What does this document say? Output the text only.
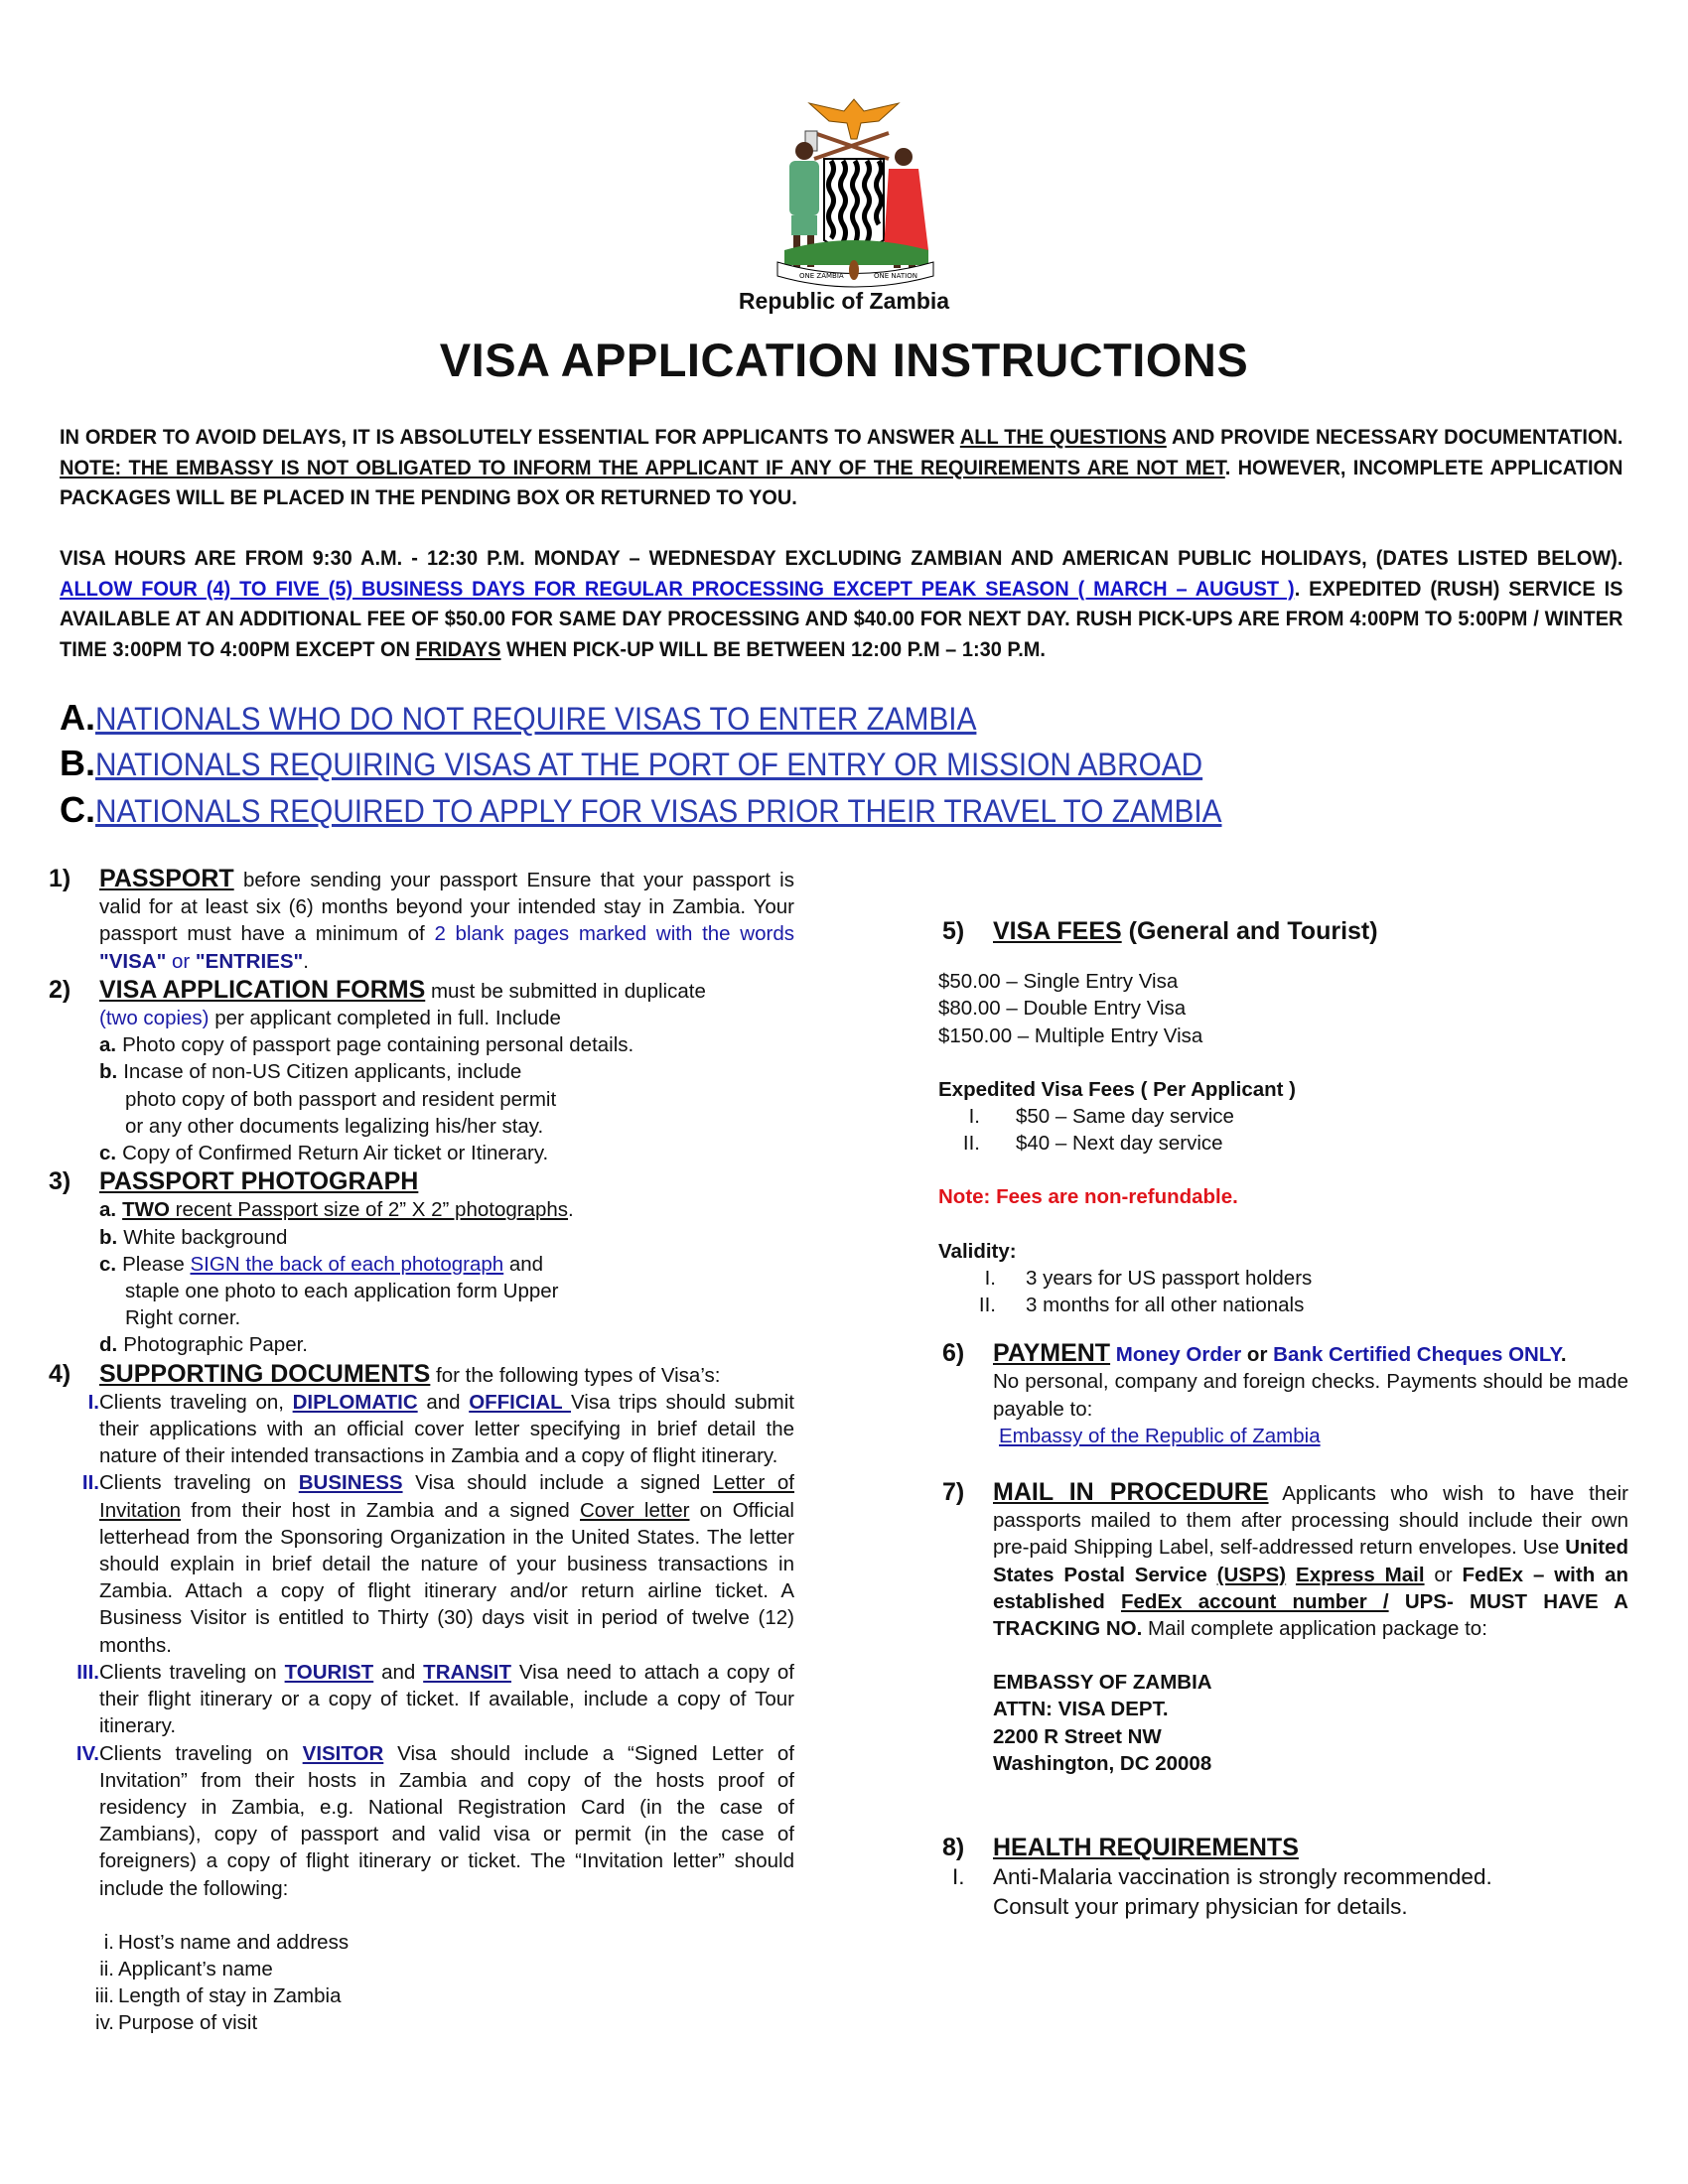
ONE ZAMBIA	ONE NATION
Republic of Zambia
VISA APPLICATION INSTRUCTIONS
IN ORDER TO AVOID DELAYS, IT IS ABSOLUTELY ESSENTIAL FOR APPLICANTS TO ANSWER ALL THE QUESTIONS AND PROVIDE NECESSARY DOCUMENTATION. NOTE: THE EMBASSY IS NOT OBLIGATED TO INFORM THE APPLICANT IF ANY OF THE REQUIREMENTS ARE NOT MET. HOWEVER, INCOMPLETE APPLICATION PACKAGES WILL BE PLACED IN THE PENDING BOX OR RETURNED TO YOU.
VISA HOURS ARE FROM 9:30 A.M. - 12:30 P.M. MONDAY – WEDNESDAY EXCLUDING ZAMBIAN AND AMERICAN PUBLIC HOLIDAYS, (DATES LISTED BELOW). ALLOW FOUR (4) TO FIVE (5) BUSINESS DAYS FOR REGULAR PROCESSING EXCEPT PEAK SEASON ( MARCH – AUGUST ). EXPEDITED (RUSH) SERVICE IS AVAILABLE AT AN ADDITIONAL FEE OF $50.00 FOR SAME DAY PROCESSING AND $40.00 FOR NEXT DAY. RUSH PICK-UPS ARE FROM 4:00PM TO 5:00PM / WINTER TIME 3:00PM TO 4:00PM EXCEPT ON FRIDAYS WHEN PICK-UP WILL BE BETWEEN 12:00 P.M – 1:30 P.M.
A.NATIONALS WHO DO NOT REQUIRE VISAS TO ENTER ZAMBIA
B.NATIONALS REQUIRING VISAS AT THE PORT OF ENTRY OR MISSION ABROAD
C.NATIONALS REQUIRED TO APPLY FOR VISAS PRIOR THEIR TRAVEL TO ZAMBIA
1) PASSPORT before sending your passport Ensure that your passport is valid for at least six (6) months beyond your intended stay in Zambia. Your passport must have a minimum of 2 blank pages marked with the words "VISA" or "ENTRIES".
2) VISA APPLICATION FORMS must be submitted in duplicate
(two copies) per applicant completed in full. Include
a. Photo copy of passport page containing personal details.
b. Incase of non-US Citizen applicants, include
photo copy of both passport and resident permit
or any other documents legalizing his/her stay.
c. Copy of Confirmed Return Air ticket or Itinerary.
3) PASSPORT PHOTOGRAPH
a. TWO recent Passport size of 2” X 2” photographs.
b. White background
c. Please SIGN the back of each photograph and
staple one photo to each application form Upper
Right corner.
d. Photographic Paper.
4) SUPPORTING DOCUMENTS for the following types of Visa’s:
I. Clients traveling on, DIPLOMATIC and OFFICIAL Visa trips should submit their applications with an official cover letter specifying in brief detail the nature of their intended transactions in Zambia and a copy of flight itinerary.
II. Clients traveling on BUSINESS Visa should include a signed Letter of Invitation from their host in Zambia and a signed Cover letter on Official letterhead from the Sponsoring Organization in the United States. The letter should explain in brief detail the nature of your business transactions in Zambia. Attach a copy of flight itinerary and/or return airline ticket. A Business Visitor is entitled to Thirty (30) days visit in period of twelve (12) months.
III. Clients traveling on TOURIST and TRANSIT Visa need to attach a copy of their flight itinerary or a copy of ticket. If available, include a copy of Tour itinerary.
IV. Clients traveling on VISITOR Visa should include a “Signed Letter of Invitation” from their hosts in Zambia and copy of the hosts proof of residency in Zambia, e.g. National Registration Card (in the case of Zambians), copy of passport and valid visa or permit (in the case of foreigners) a copy of flight itinerary or ticket. The “Invitation letter” should include the following:
i. Host’s name and address
ii. Applicant’s name
iii. Length of stay in Zambia
iv. Purpose of visit
5) VISA FEES (General and Tourist)
$50.00 – Single Entry Visa
$80.00 – Double Entry Visa
$150.00 – Multiple Entry Visa
Expedited Visa Fees ( Per Applicant )
I.	$50 – Same day service
II.	$40 – Next day service
Note: Fees are non-refundable.
Validity:
I.	3 years for US passport holders
II.	3 months for all other nationals
6) PAYMENT Money Order or Bank Certified Cheques ONLY.
No personal, company and foreign checks. Payments should be made payable to:
Embassy of the Republic of Zambia
7) MAIL IN PROCEDURE Applicants who wish to have their passports mailed to them after processing should include their own pre-paid Shipping Label, self-addressed return envelopes. Use United States Postal Service (USPS) Express Mail or FedEx – with an established FedEx account number / UPS- MUST HAVE A TRACKING NO. Mail complete application package to:
EMBASSY OF ZAMBIA
ATTN: VISA DEPT.
2200 R Street NW
Washington, DC 20008
8) HEALTH REQUIREMENTS
I. Anti-Malaria vaccination is strongly recommended.
Consult your primary physician for details.
